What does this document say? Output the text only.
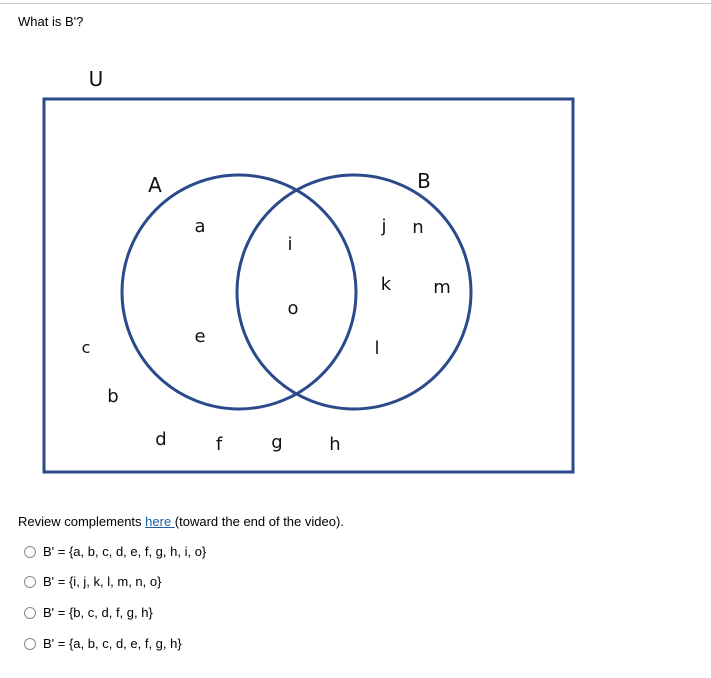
What is B'?
U
A	B
a
e
i
o
j n
k m
l
c
b
d	f	g	h
Review complements here (toward the end of the video).
B' = {a, b, c, d, e, f, g, h, i, o}
B' = {i, j, k, l, m, n, o}
B' = {b, c, d, f, g, h}
B' = {a, b, c, d, e, f, g, h}
